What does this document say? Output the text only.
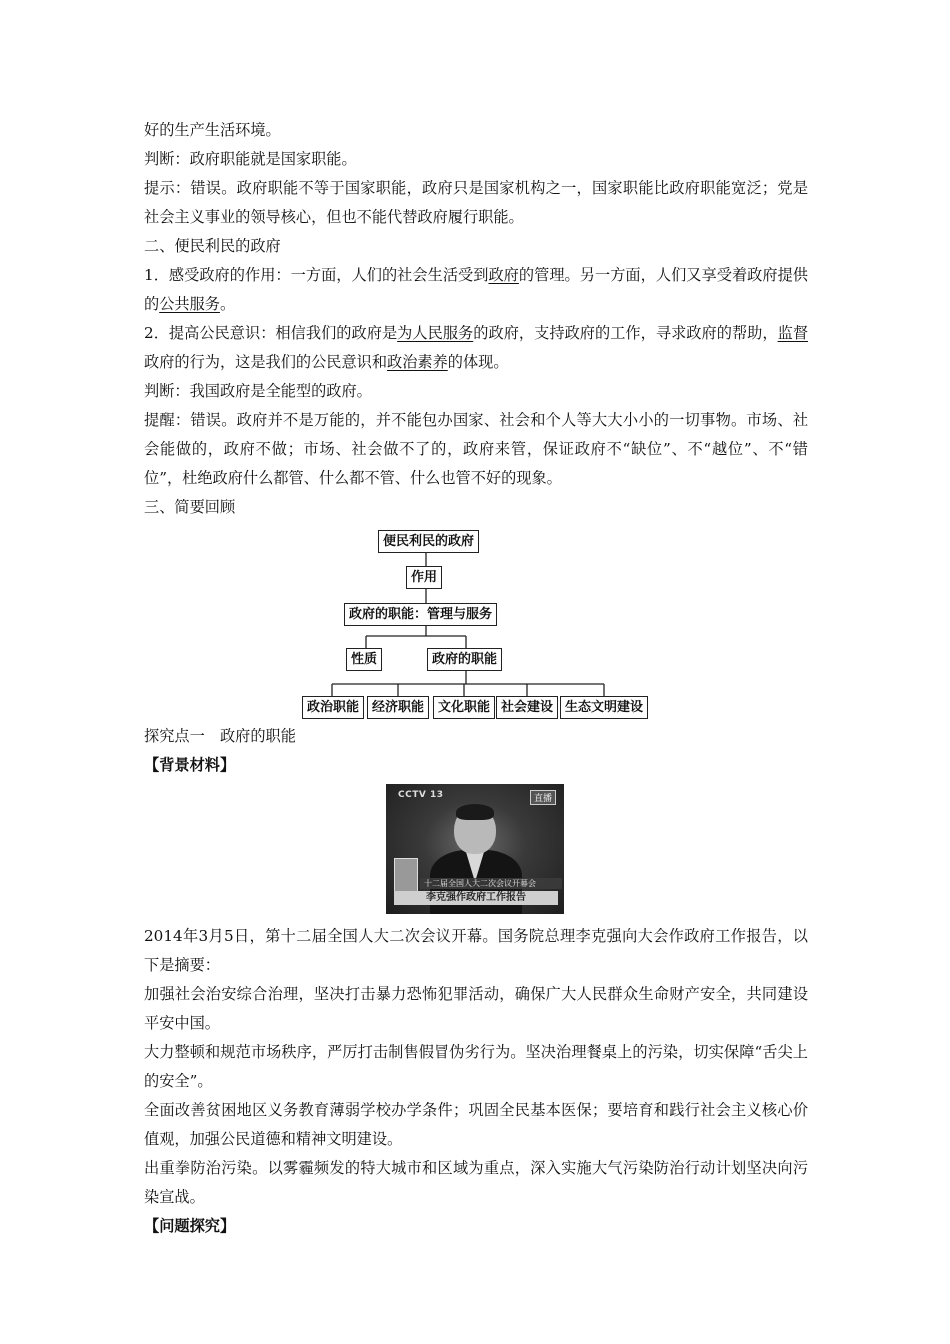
好的生产生活环境。

判断：政府职能就是国家职能。

提示：错误。政府职能不等于国家职能，政府只是国家机构之一，国家职能比政府职能宽泛；党是社会主义事业的领导核心，但也不能代替政府履行职能。

二、便民利民的政府

1．感受政府的作用：一方面，人们的社会生活受到政府的管理。另一方面，人们又享受着政府提供的公共服务。

2．提高公民意识：相信我们的政府是为人民服务的政府，支持政府的工作，寻求政府的帮助，监督政府的行为，这是我们的公民意识和政治素养的体现。

判断：我国政府是全能型的政府。

提醒：错误。政府并不是万能的，并不能包办国家、社会和个人等大大小小的一切事物。市场、社会能做的，政府不做；市场、社会做不了的，政府来管，保证政府不“缺位”、不“越位”、不“错位”，杜绝政府什么都管、什么都不管、什么也管不好的现象。

三、简要回顾

便民利民的政府
作用
政府的职能：管理与服务
性质	政府的职能
政治职能 经济职能	文化职能 社会建设 生态文明建设

探究点一　政府的职能

【背景材料】

CCTV 13	直播
十二届全国人大二次会议开幕会
李克强作政府工作报告

2014年3月5日，第十二届全国人大二次会议开幕。国务院总理李克强向大会作政府工作报告，以下是摘要：

加强社会治安综合治理，坚决打击暴力恐怖犯罪活动，确保广大人民群众生命财产安全，共同建设平安中国。

大力整顿和规范市场秩序，严厉打击制售假冒伪劣行为。坚决治理餐桌上的污染，切实保障“舌尖上的安全”。

全面改善贫困地区义务教育薄弱学校办学条件；巩固全民基本医保；要培育和践行社会主义核心价值观，加强公民道德和精神文明建设。

出重拳防治污染。以雾霾频发的特大城市和区域为重点，深入实施大气污染防治行动计划坚决向污染宣战。

【问题探究】
